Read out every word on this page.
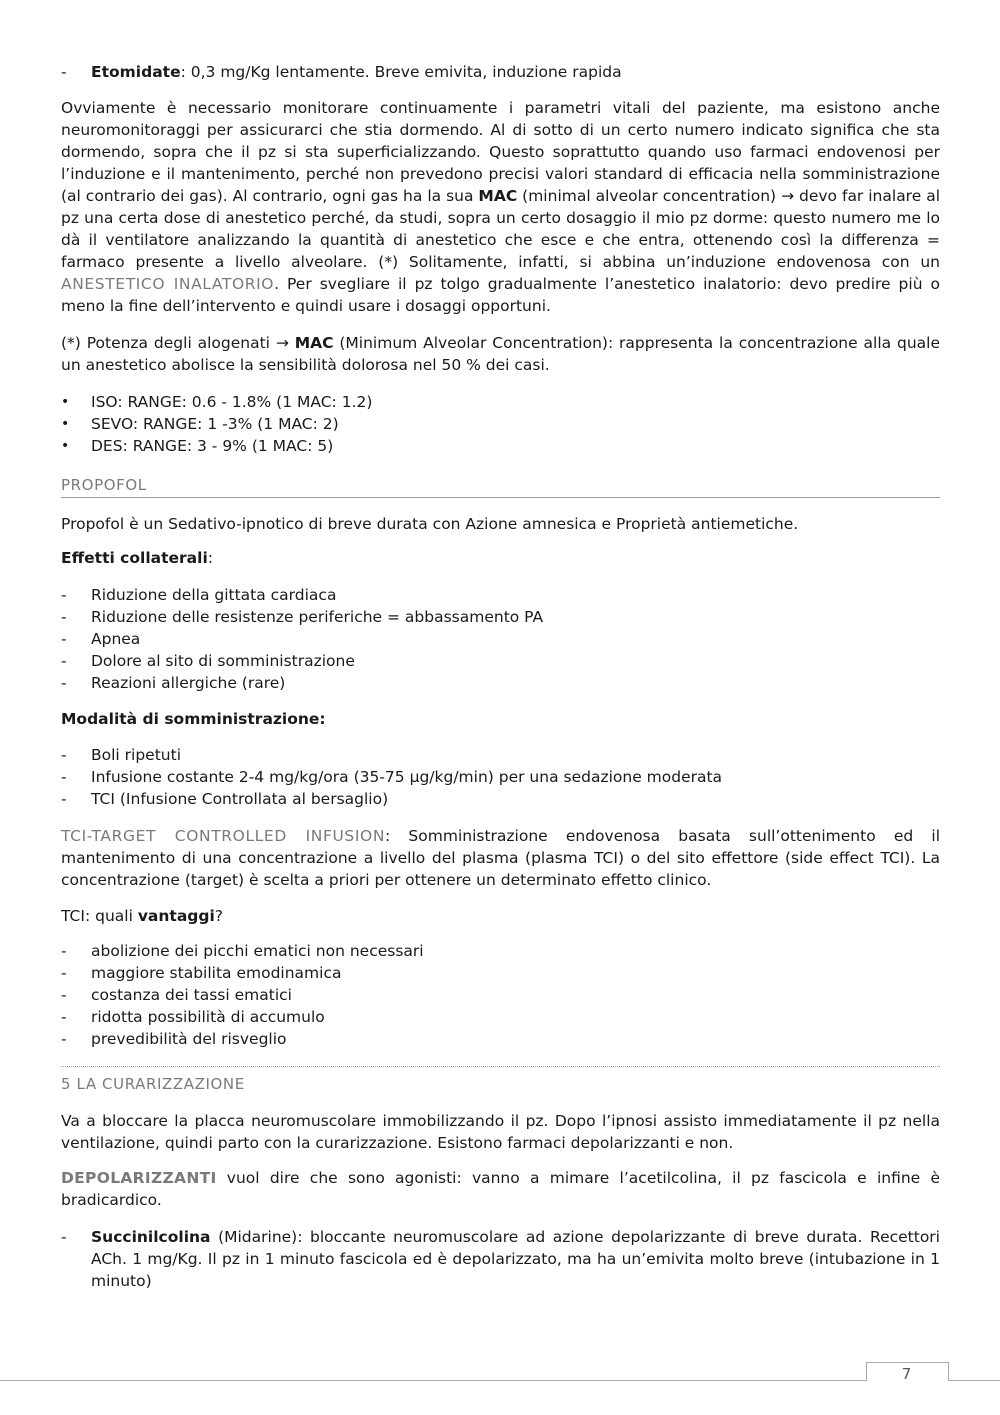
-	Etomidate: 0,3 mg/Kg lentamente. Breve emivita, induzione rapida

Ovviamente è necessario monitorare continuamente i parametri vitali del paziente, ma esistono anche neuromonitoraggi per assicurarci che stia dormendo. Al di sotto di un certo numero indicato significa che sta dormendo, sopra che il pz si sta superficializzando. Questo soprattutto quando uso farmaci endovenosi per l’induzione e il mantenimento, perché non prevedono precisi valori standard di efficacia nella somministrazione (al contrario dei gas). Al contrario, ogni gas ha la sua MAC (minimal alveolar concentration) → devo far inalare al pz una certa dose di anestetico perché, da studi, sopra un certo dosaggio il mio pz dorme: questo numero me lo dà il ventilatore analizzando la quantità di anestetico che esce e che entra, ottenendo così la differenza = farmaco presente a livello alveolare. (*) Solitamente, infatti, si abbina un’induzione endovenosa con un ANESTETICO INALATORIO. Per svegliare il pz tolgo gradualmente l’anestetico inalatorio: devo predire più o meno la fine dell’intervento e quindi usare i dosaggi opportuni.

(*) Potenza degli alogenati → MAC (Minimum Alveolar Concentration): rappresenta la concentrazione alla quale un anestetico abolisce la sensibilità dolorosa nel 50 % dei casi.

•	ISO: RANGE: 0.6 - 1.8% (1 MAC: 1.2)
•	SEVO: RANGE: 1 -3% (1 MAC: 2)
•	DES: RANGE: 3 - 9% (1 MAC: 5)
PROPOFOL

Propofol è un Sedativo-ipnotico di breve durata con Azione amnesica e Proprietà antiemetiche.

Effetti collaterali:
-	Riduzione della gittata cardiaca
-	Riduzione delle resistenze periferiche = abbassamento PA
-	Apnea
-	Dolore al sito di somministrazione
-	Reazioni allergiche (rare)
Modalità di somministrazione:
-	Boli ripetuti
-	Infusione costante 2-4 mg/kg/ora (35-75 µg/kg/min) per una sedazione moderata
-	TCI (Infusione Controllata al bersaglio)

TCI-TARGET CONTROLLED INFUSION: Somministrazione endovenosa basata sull’ottenimento ed il mantenimento di una concentrazione a livello del plasma (plasma TCI) o del sito effettore (side effect TCI). La concentrazione (target) è scelta a priori per ottenere un determinato effetto clinico.

TCI: quali vantaggi?
-	abolizione dei picchi ematici non necessari
-	maggiore stabilita emodinamica
-	costanza dei tassi ematici
-	ridotta possibilità di accumulo
-	prevedibilità del risveglio
5 LA CURARIZZAZIONE

Va a bloccare la placca neuromuscolare immobilizzando il pz. Dopo l’ipnosi assisto immediatamente il pz nella ventilazione, quindi parto con la curarizzazione. Esistono farmaci depolarizzanti e non.

DEPOLARIZZANTI vuol dire che sono agonisti: vanno a mimare l’acetilcolina, il pz fascicola e infine è bradicardico.

- Succinilcolina (Midarine): bloccante neuromuscolare ad azione depolarizzante di breve durata. Recettori ACh. 1 mg/Kg. Il pz in 1 minuto fascicola ed è depolarizzato, ma ha un’emivita molto breve (intubazione in 1 minuto)

7
